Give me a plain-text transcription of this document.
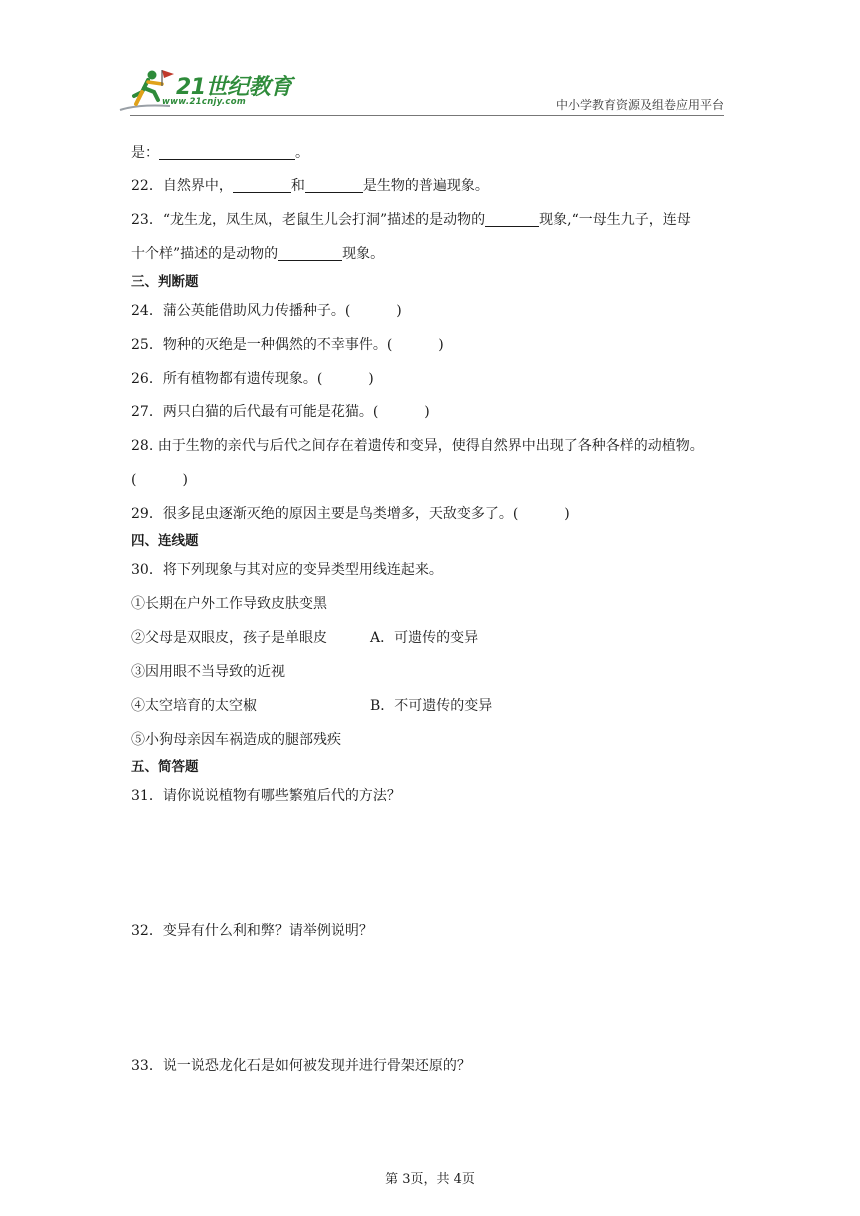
21世纪教育
www.21cnjy.com	中小学教育资源及组卷应用平台
是：	。
22．自然界中，	和	是生物的普遍现象。
23．“龙生龙，凤生凤，老鼠生儿会打洞”描述的是动物的	现象,“一母生九子，连母
十个样”描述的是动物的	现象。
三、判断题
24．蒲公英能借助风力传播种子。(	)
25．物种的灭绝是一种偶然的不幸事件。(	)
26．所有植物都有遗传现象。(	)
27．两只白猫的后代最有可能是花猫。(	)
28. 由于生物的亲代与后代之间存在着遗传和变异，使得自然界中出现了各种各样的动植物。
(	)
29．很多昆虫逐渐灭绝的原因主要是鸟类增多，天敌变多了。(	)
四、连线题
30．将下列现象与其对应的变异类型用线连起来。
①长期在户外工作导致皮肤变黑
②父母是双眼皮，孩子是单眼皮
③因用眼不当导致的近视
④太空培育的太空椒
⑤小狗母亲因车祸造成的腿部残疾
A．可遗传的变异
B．不可遗传的变异
五、简答题
31．请你说说植物有哪些繁殖后代的方法？
32．变异有什么利和弊？请举例说明？
33．说一说恐龙化石是如何被发现并进行骨架还原的？
第 3页，共 4页
